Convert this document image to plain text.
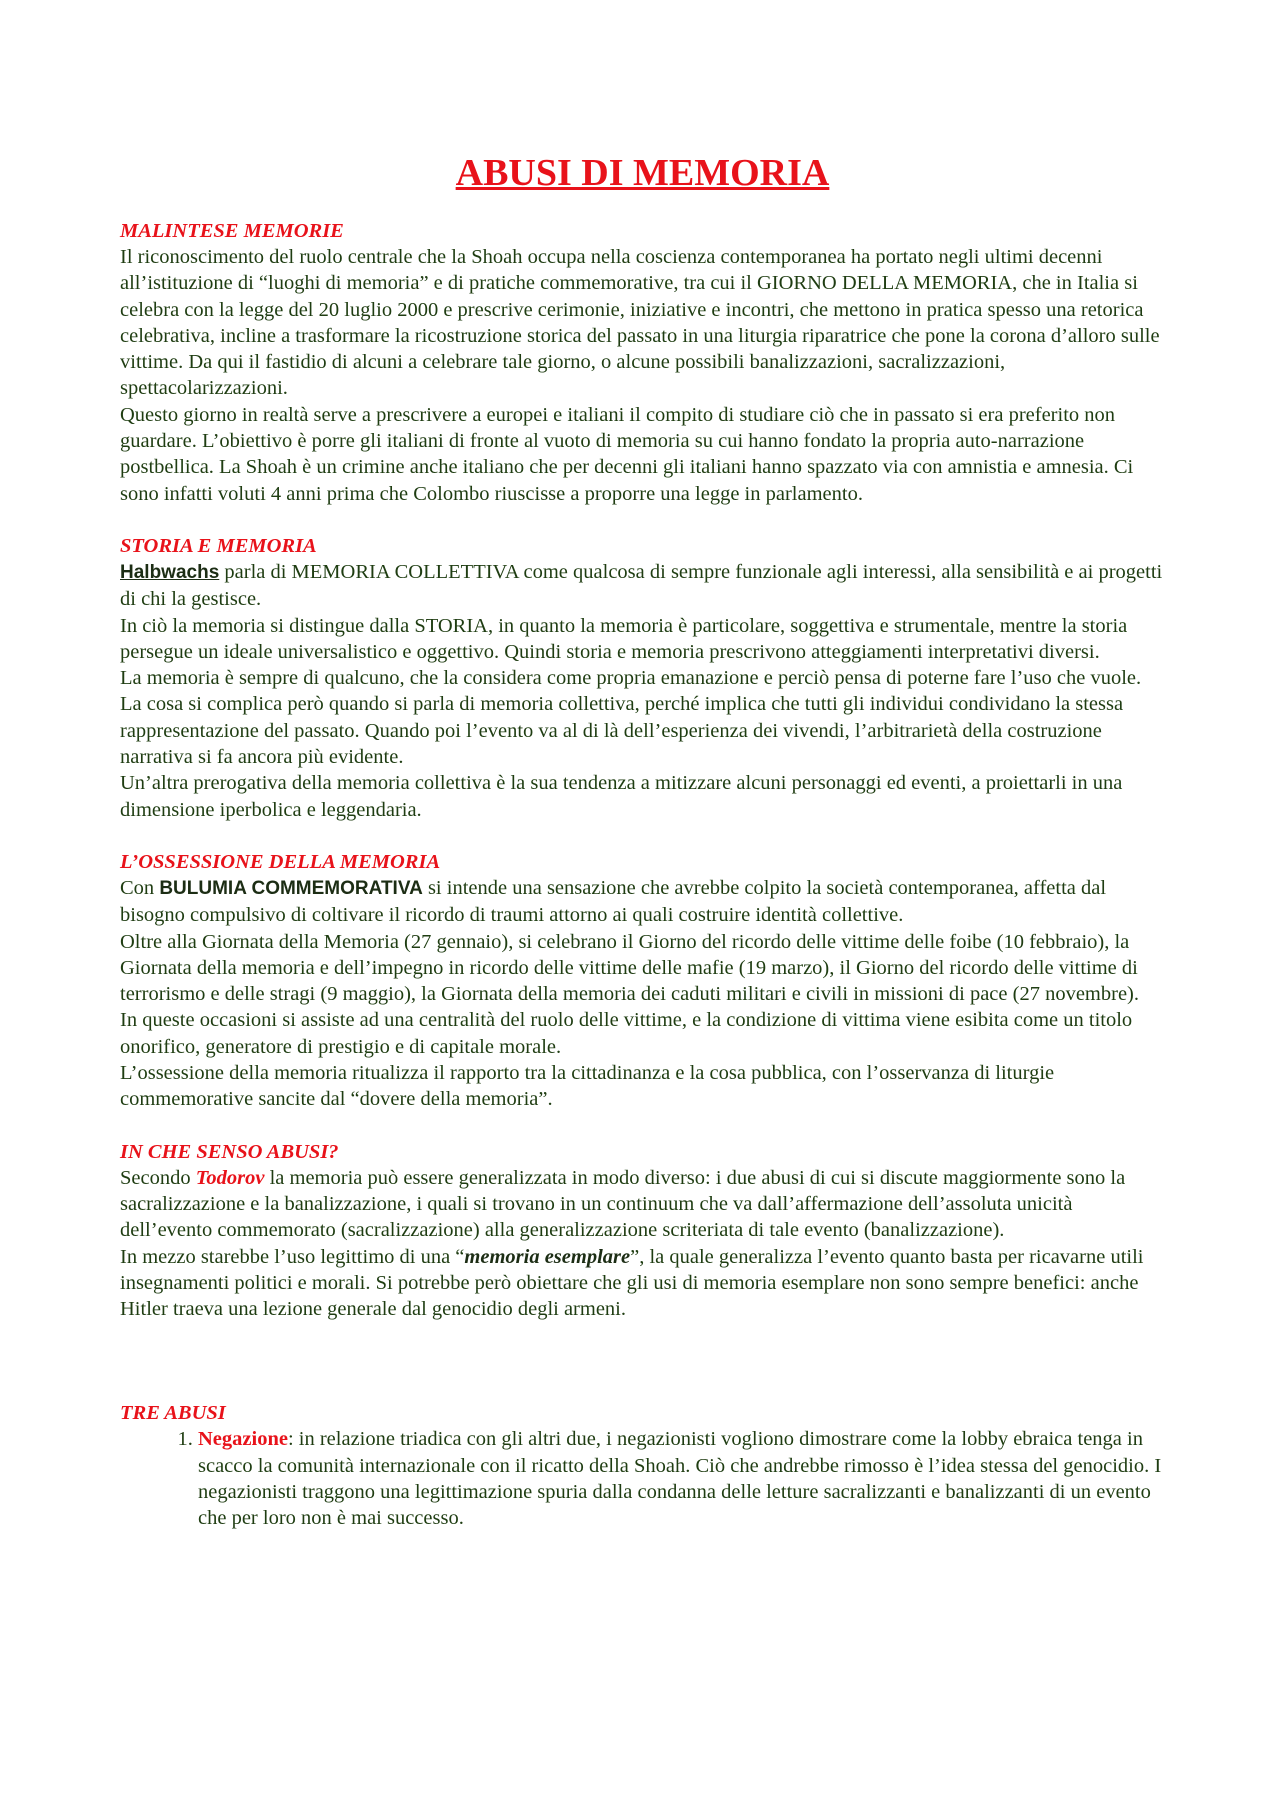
ABUSI DI MEMORIA
MALINTESE MEMORIE

Il riconoscimento del ruolo centrale che la Shoah occupa nella coscienza contemporanea ha portato negli ultimi decenni all’istituzione di “luoghi di memoria” e di pratiche commemorative, tra cui il GIORNO DELLA MEMORIA, che in Italia si celebra con la legge del 20 luglio 2000 e prescrive cerimonie, iniziative e incontri, che mettono in pratica spesso una retorica celebrativa, incline a trasformare la ricostruzione storica del passato in una liturgia riparatrice che pone la corona d’alloro sulle vittime. Da qui il fastidio di alcuni a celebrare tale giorno, o alcune possibili banalizzazioni, sacralizzazioni, spettacolarizzazioni.

Questo giorno in realtà serve a prescrivere a europei e italiani il compito di studiare ciò che in passato si era preferito non guardare. L’obiettivo è porre gli italiani di fronte al vuoto di memoria su cui hanno fondato la propria auto-narrazione postbellica. La Shoah è un crimine anche italiano che per decenni gli italiani hanno spazzato via con amnistia e amnesia. Ci sono infatti voluti 4 anni prima che Colombo riuscisse a proporre una legge in parlamento.

STORIA E MEMORIA

Halbwachs parla di MEMORIA COLLETTIVA come qualcosa di sempre funzionale agli interessi, alla sensibilità e ai progetti di chi la gestisce.

In ciò la memoria si distingue dalla STORIA, in quanto la memoria è particolare, soggettiva e strumentale, mentre la storia persegue un ideale universalistico e oggettivo. Quindi storia e memoria prescrivono atteggiamenti interpretativi diversi.

La memoria è sempre di qualcuno, che la considera come propria emanazione e perciò pensa di poterne fare l’uso che vuole. La cosa si complica però quando si parla di memoria collettiva, perché implica che tutti gli individui condividano la stessa rappresentazione del passato. Quando poi l’evento va al di là dell’esperienza dei vivendi, l’arbitrarietà della costruzione narrativa si fa ancora più evidente.

Un’altra prerogativa della memoria collettiva è la sua tendenza a mitizzare alcuni personaggi ed eventi, a proiettarli in una dimensione iperbolica e leggendaria.

L’OSSESSIONE DELLA MEMORIA

Con BULUMIA COMMEMORATIVA si intende una sensazione che avrebbe colpito la società contemporanea, affetta dal bisogno compulsivo di coltivare il ricordo di traumi attorno ai quali costruire identità collettive.

Oltre alla Giornata della Memoria (27 gennaio), si celebrano il Giorno del ricordo delle vittime delle foibe (10 febbraio), la Giornata della memoria e dell’impegno in ricordo delle vittime delle mafie (19 marzo), il Giorno del ricordo delle vittime di terrorismo e delle stragi (9 maggio), la Giornata della memoria dei caduti militari e civili in missioni di pace (27 novembre).

In queste occasioni si assiste ad una centralità del ruolo delle vittime, e la condizione di vittima viene esibita come un titolo onorifico, generatore di prestigio e di capitale morale.

L’ossessione della memoria ritualizza il rapporto tra la cittadinanza e la cosa pubblica, con l’osservanza di liturgie commemorative sancite dal “dovere della memoria”.

IN CHE SENSO ABUSI?

Secondo Todorov la memoria può essere generalizzata in modo diverso: i due abusi di cui si discute maggiormente sono la sacralizzazione e la banalizzazione, i quali si trovano in un continuum che va dall’affermazione dell’assoluta unicità dell’evento commemorato (sacralizzazione) alla generalizzazione scriteriata di tale evento (banalizzazione).

In mezzo starebbe l’uso legittimo di una “memoria esemplare”, la quale generalizza l’evento quanto basta per ricavarne utili insegnamenti politici e morali. Si potrebbe però obiettare che gli usi di memoria esemplare non sono sempre benefici: anche Hitler traeva una lezione generale dal genocidio degli armeni.

TRE ABUSI
1. Negazione: in relazione triadica con gli altri due, i negazionisti vogliono dimostrare come la lobby ebraica tenga in scacco la comunità internazionale con il ricatto della Shoah. Ciò che andrebbe rimosso è l’idea stessa del genocidio. I negazionisti traggono una legittimazione spuria dalla condanna delle letture sacralizzanti e banalizzanti di un evento che per loro non è mai successo.
